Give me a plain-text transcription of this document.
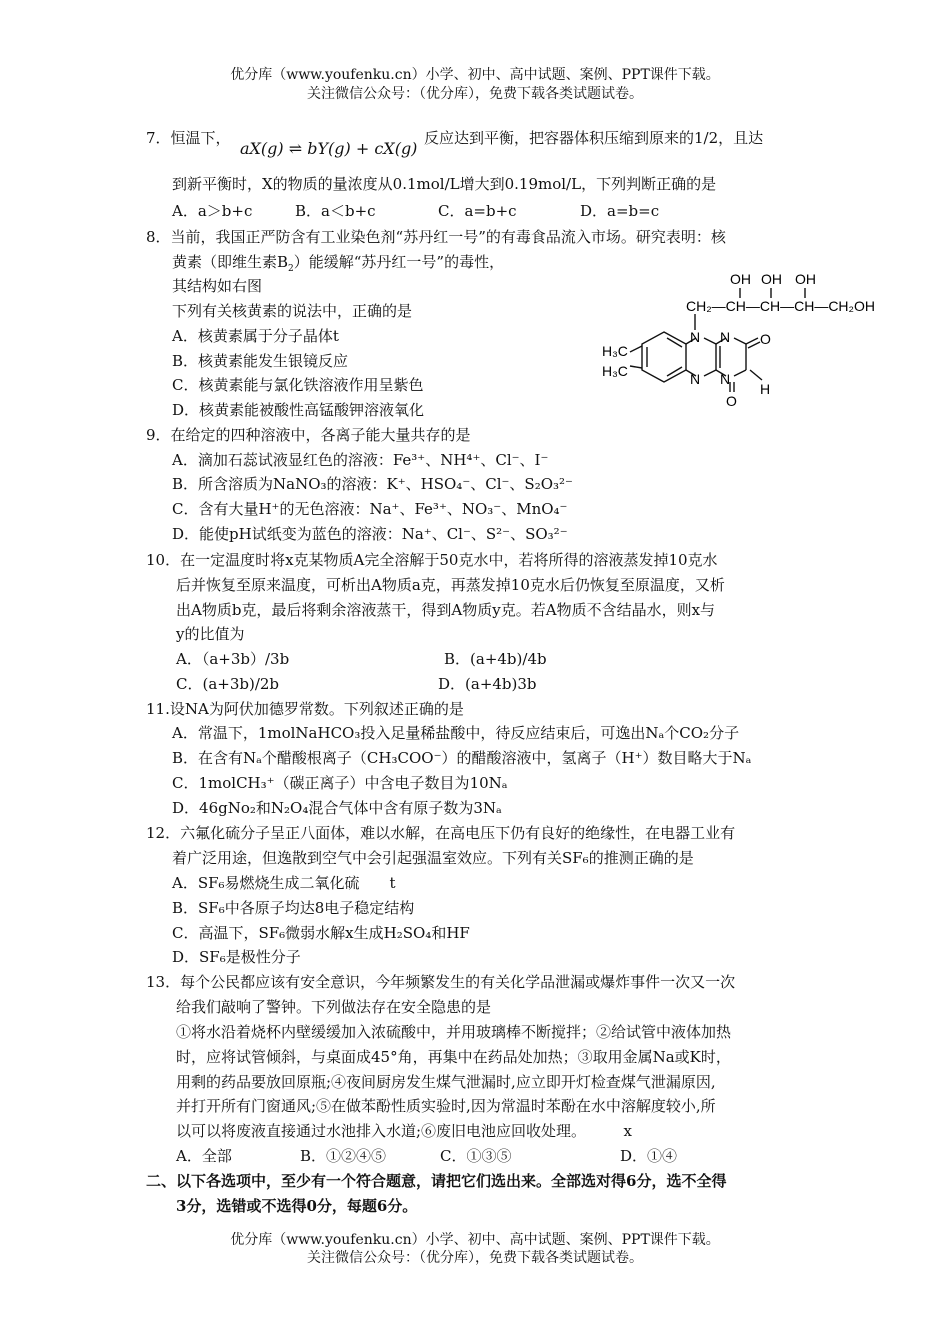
优分库（www.youfenku.cn）小学、初中、高中试题、案例、PPT课件下载。
关注微信公众号：（优分库），免费下载各类试题试卷。
7．恒温下，
aX(g) ⇌ bY(g) + cX(g)
反应达到平衡，把容器体积压缩到原来的1/2，且达
到新平衡时，X的物质的量浓度从0.1mol/L增大到0.19mol/L，下列判断正确的是
A．a＞b+c	B．a＜b+c	C．a=b+c	D．a=b=c
8．当前，我国正严防含有工业染色剂“苏丹红一号”的有毒食品流入市场。研究表明：核
黄素（即维生素$B_2$）能缓解“苏丹红一号”的毒性，
其结构如右图
下列有关核黄素的说法中，正确的是
A．核黄素属于分子晶体t
B．核黄素能发生银镜反应
C．核黄素能与氯化铁溶液作用呈紫色
D．核黄素能被酸性高锰酸钾溶液氧化
OH OH OH
CH₂—CH—CH—CH—CH₂OH
N N
N N
O
O
H
H₃C
H₃C
9．在给定的四种溶液中，各离子能大量共存的是
A．滴加石蕊试液显红色的溶液：Fe³⁺、NH⁴⁺、Cl⁻、I⁻
B．所含溶质为NaNO₃的溶液：K⁺、HSO₄⁻、Cl⁻、S₂O₃²⁻
C．含有大量H⁺的无色溶液：Na⁺、Fe³⁺、NO₃⁻、MnO₄⁻
D．能使pH试纸变为蓝色的溶液：Na⁺、Cl⁻、S²⁻、SO₃²⁻
10．在一定温度时将x克某物质A完全溶解于50克水中，若将所得的溶液蒸发掉10克水
后并恢复至原来温度，可析出A物质a克，再蒸发掉10克水后仍恢复至原温度，又析
出A物质b克，最后将剩余溶液蒸干，得到A物质y克。若A物质不含结晶水，则x与
y的比值为
A．（a+3b）/3b	B．(a+4b)/4b
C．(a+3b)/2b	D．(a+4b)3b
11.设NA为阿伏加德罗常数。下列叙述正确的是
A．常温下，1molNaHCO₃投入足量稀盐酸中，待反应结束后，可逸出Nₐ个CO₂分子
B．在含有Nₐ个醋酸根离子（CH₃COO⁻）的醋酸溶液中，氢离子（H⁺）数目略大于Nₐ
C．1molCH₃⁺（碳正离子）中含电子数目为10Nₐ
D．46gNo₂和N₂O₄混合气体中含有原子数为3Nₐ
12．六氟化硫分子呈正八面体，难以水解，在高电压下仍有良好的绝缘性，在电器工业有
着广泛用途，但逸散到空气中会引起强温室效应。下列有关SF₆的推测正确的是
A．SF₆易燃烧生成二氧化硫　　t
B．SF₆中各原子均达8电子稳定结构
C．高温下，SF₆微弱水解x生成H₂SO₄和HF
D．SF₆是极性分子
13．每个公民都应该有安全意识，今年频繁发生的有关化学品泄漏或爆炸事件一次又一次
给我们敲响了警钟。下列做法存在安全隐患的是
①将水沿着烧杯内壁缓缓加入浓硫酸中，并用玻璃棒不断搅拌；②给试管中液体加热
时，应将试管倾斜，与桌面成45°角，再集中在药品处加热；③取用金属Na或K时，
用剩的药品要放回原瓶;④夜间厨房发生煤气泄漏时,应立即开灯检查煤气泄漏原因,
并打开所有门窗通风;⑤在做苯酚性质实验时,因为常温时苯酚在水中溶解度较小,所
以可以将废液直接通过水池排入水道;⑥废旧电池应回收处理。　　　x
A．全部	B．①②④⑤	C．①③⑤	D．①④
二、以下各选项中，至少有一个符合题意，请把它们选出来。全部选对得6分，选不全得
3分，选错或不选得0分，每题6分。
优分库（www.youfenku.cn）小学、初中、高中试题、案例、PPT课件下载。
关注微信公众号：（优分库），免费下载各类试题试卷。
